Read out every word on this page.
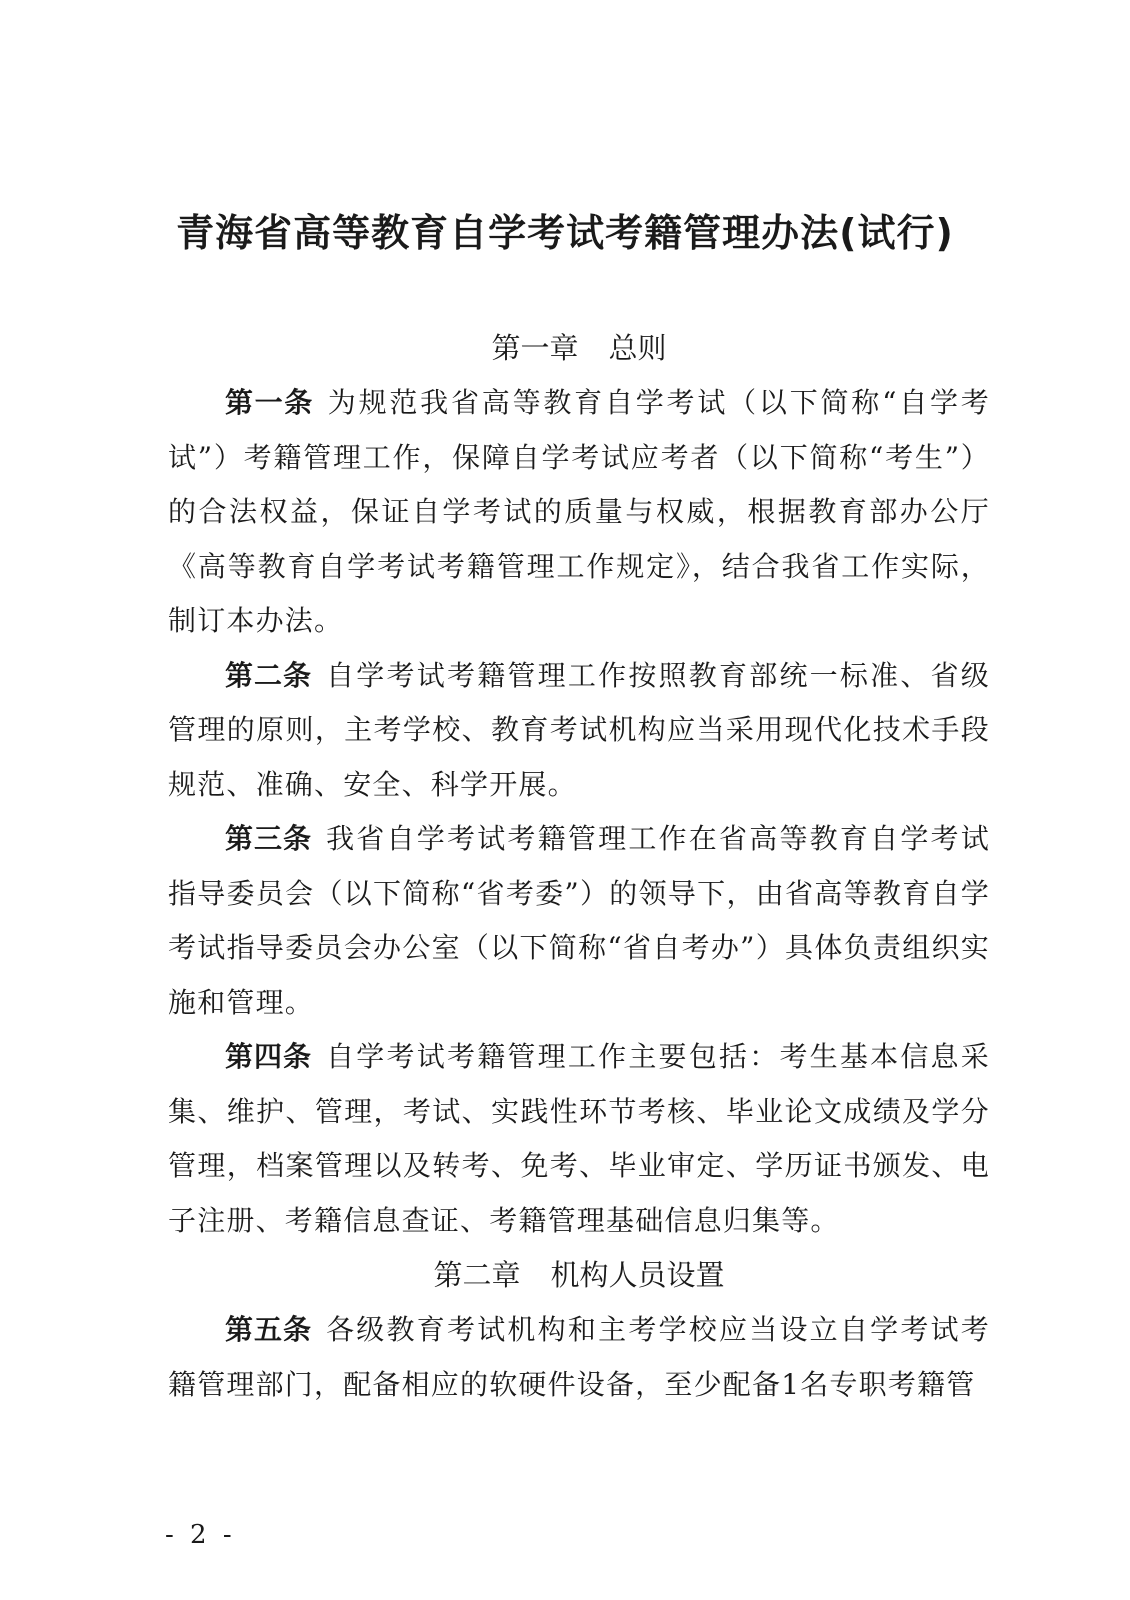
青海省高等教育自学考试考籍管理办法(试行)
第一章 总则

第一条 为规范我省高等教育自学考试（以下简称“自学考试”）考籍管理工作，保障自学考试应考者（以下简称“考生”）的合法权益，保证自学考试的质量与权威，根据教育部办公厅《高等教育自学考试考籍管理工作规定》，结合我省工作实际，制订本办法。

第二条 自学考试考籍管理工作按照教育部统一标准、省级管理的原则，主考学校、教育考试机构应当采用现代化技术手段规范、准确、安全、科学开展。

第三条 我省自学考试考籍管理工作在省高等教育自学考试指导委员会（以下简称“省考委”）的领导下，由省高等教育自学考试指导委员会办公室（以下简称“省自考办”）具体负责组织实施和管理。

第四条 自学考试考籍管理工作主要包括：考生基本信息采集、维护、管理，考试、实践性环节考核、毕业论文成绩及学分管理，档案管理以及转考、免考、毕业审定、学历证书颁发、电子注册、考籍信息查证、考籍管理基础信息归集等。

第二章 机构人员设置

第五条 各级教育考试机构和主考学校应当设立自学考试考籍管理部门，配备相应的软硬件设备，至少配备1名专职考籍管

- 2 -
